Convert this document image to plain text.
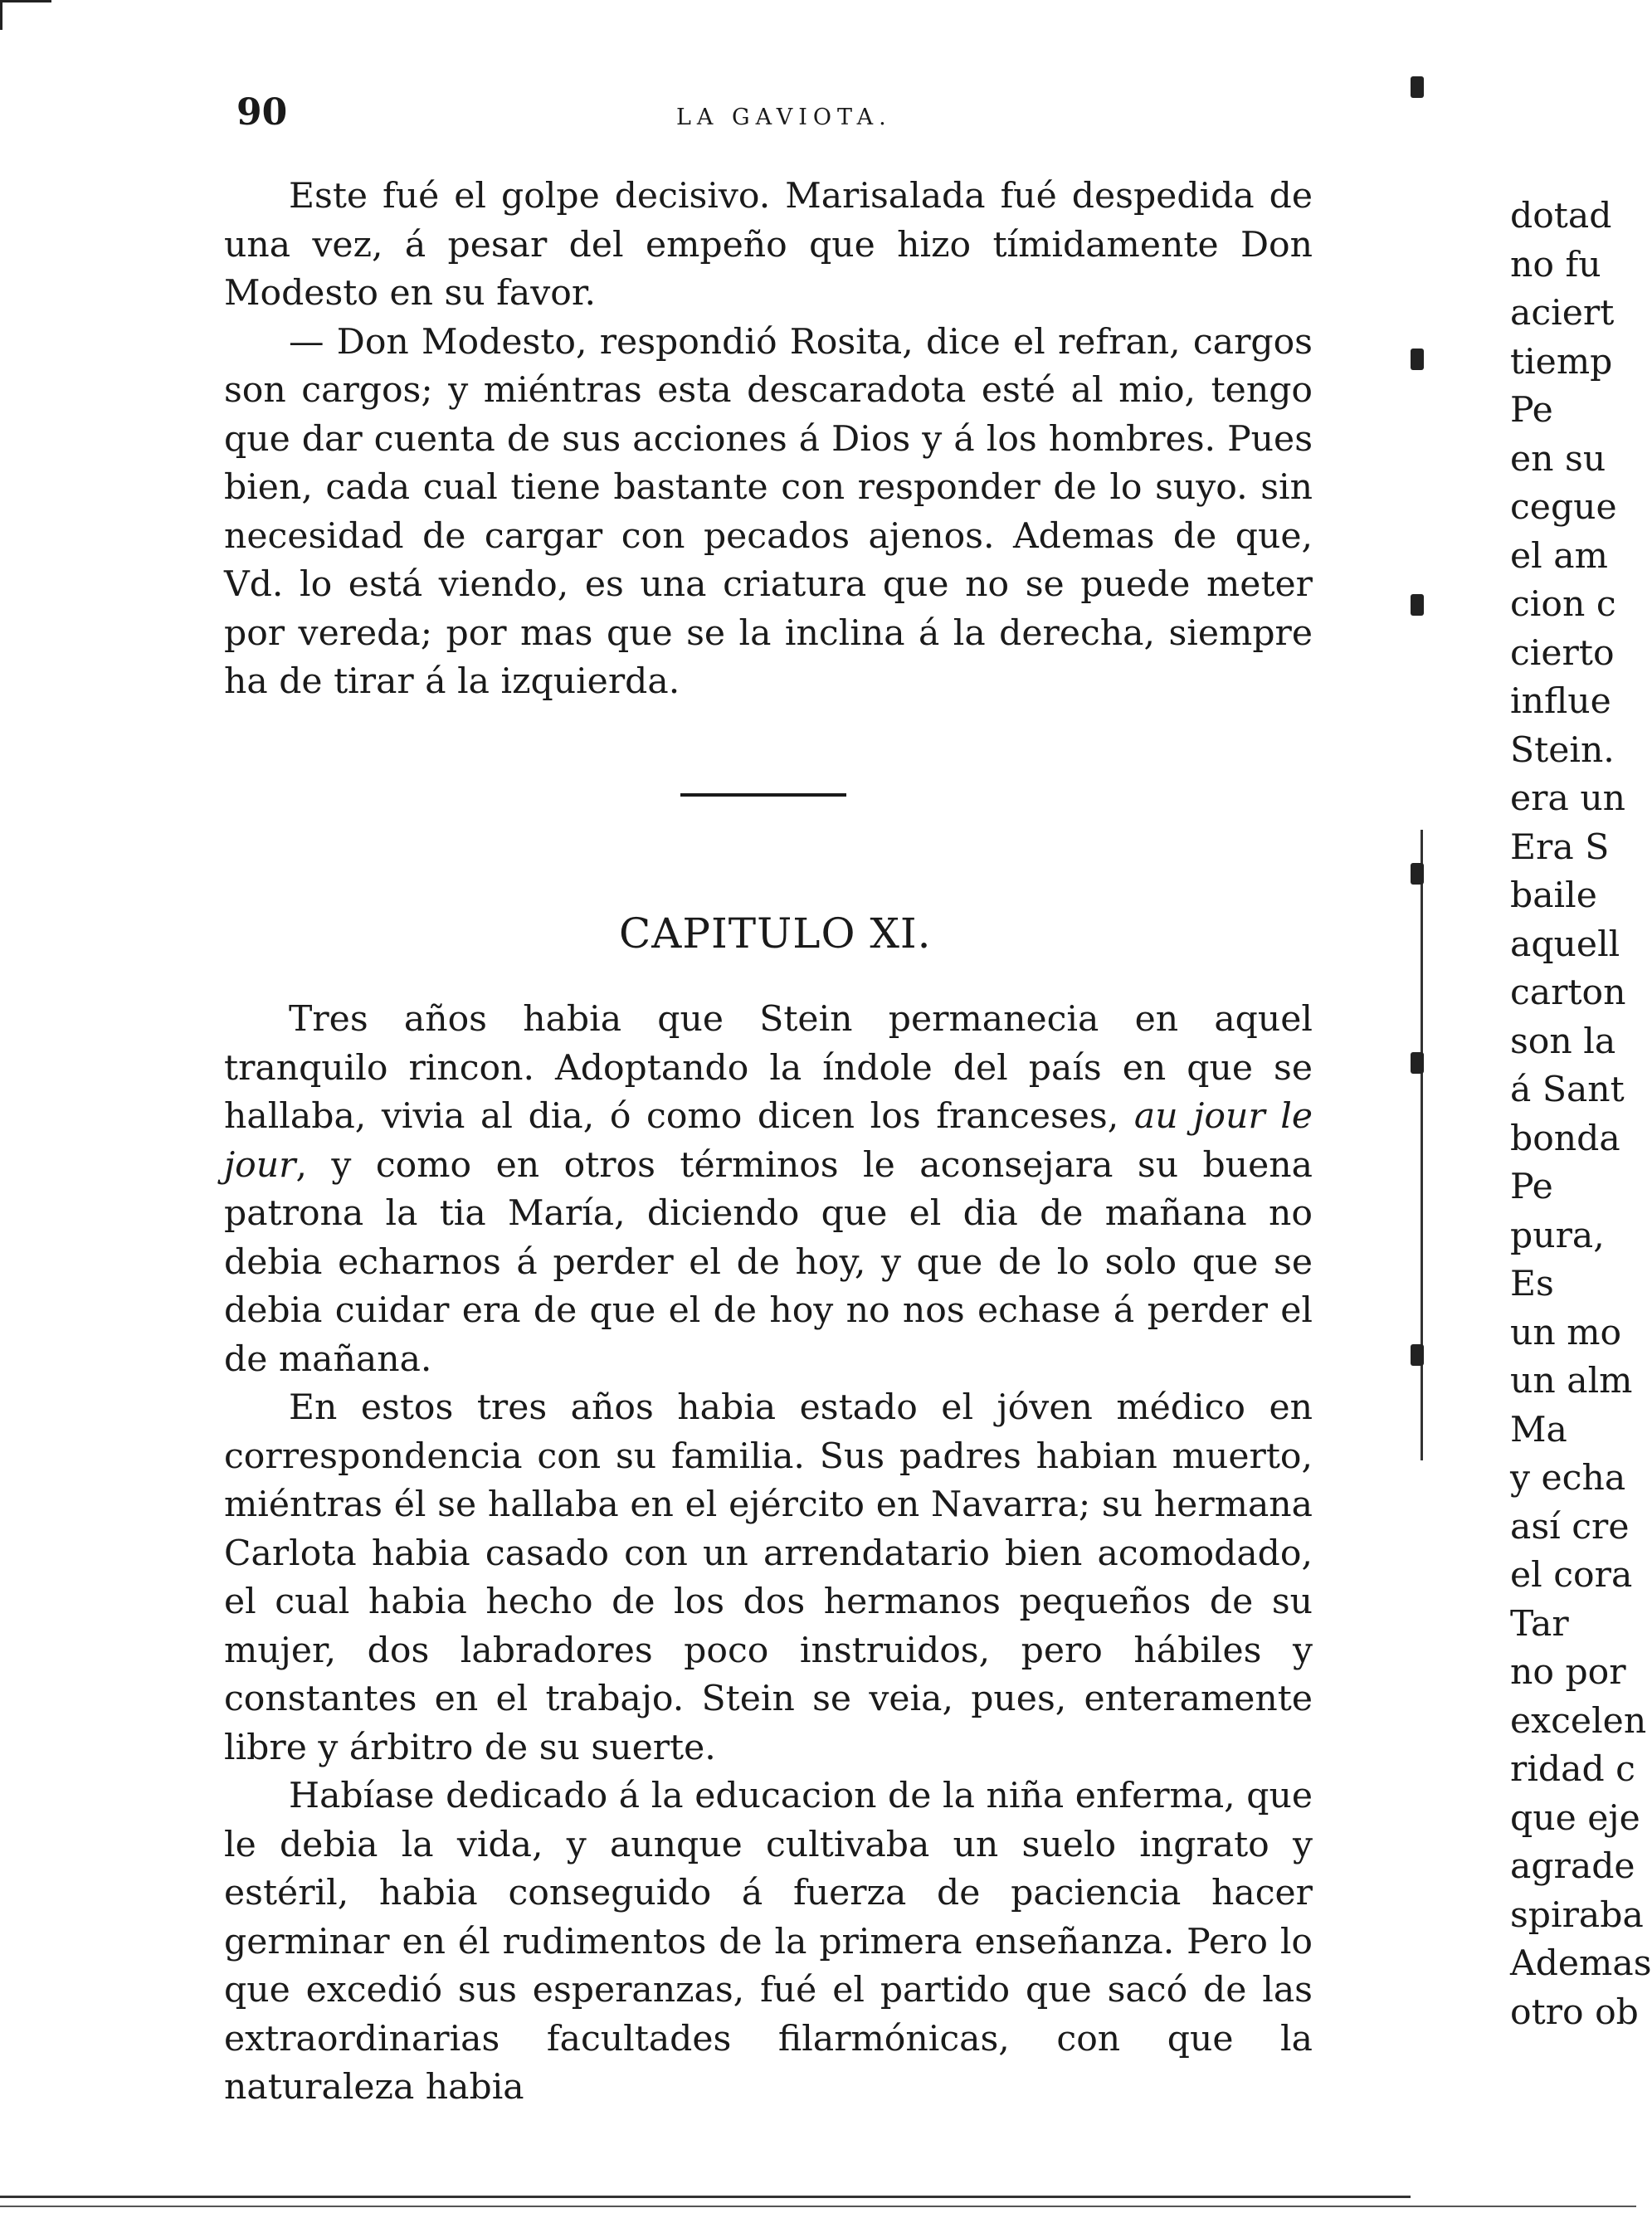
90	LA GAVIOTA.

Este fué el golpe decisivo. Marisalada fué despedida de una vez, á pesar del empeño que hizo tímidamente Don Modesto en su favor.

— Don Modesto, respondió Rosita, dice el refran, cargos son cargos; y miéntras esta descaradota esté al mio, tengo que dar cuenta de sus acciones á Dios y á los hombres. Pues bien, cada cual tiene bastante con responder de lo suyo. sin necesidad de cargar con pecados ajenos. Ademas de que, Vd. lo está viendo, es una criatura que no se puede meter por vereda; por mas que se la inclina á la derecha, siempre ha de tirar á la izquierda.

CAPITULO XI.

Tres años habia que Stein permanecia en aquel tranquilo rincon. Adoptando la índole del país en que se hallaba, vivia al dia, ó como dicen los franceses, au jour le jour, y como en otros términos le aconsejara su buena patrona la tia María, diciendo que el dia de mañana no debia echarnos á perder el de hoy, y que de lo solo que se debia cuidar era de que el de hoy no nos echase á perder el de mañana.

En estos tres años habia estado el jóven médico en correspondencia con su familia. Sus padres habian muerto, miéntras él se hallaba en el ejército en Navarra; su hermana Carlota habia casado con un arrendatario bien acomodado, el cual habia hecho de los dos hermanos pequeños de su mujer, dos labradores poco instruidos, pero hábiles y constantes en el trabajo. Stein se veia, pues, enteramente libre y árbitro de su suerte.

Habíase dedicado á la educacion de la niña enferma, que le debia la vida, y aunque cultivaba un suelo ingrato y estéril, habia conseguido á fuerza de paciencia hacer germinar en él rudimentos de la primera enseñanza. Pero lo que excedió sus esperanzas, fué el partido que sacó de las extraordinarias facultades filarmónicas, con que la naturaleza habia

dotad
no fu
aciert
tiemp
Pe
en su
cegue
el am
cion c
cierto
influe
Stein.
era un
Era S
baile
aquell
carton
son la
á Sant
bonda
Pe
pura,
Es
un mo
un alm
Ma
y echa
así cre
el cora
Tar
no por
excelen
ridad c
que eje
agrade
spiraba
Ademas
otro ob
